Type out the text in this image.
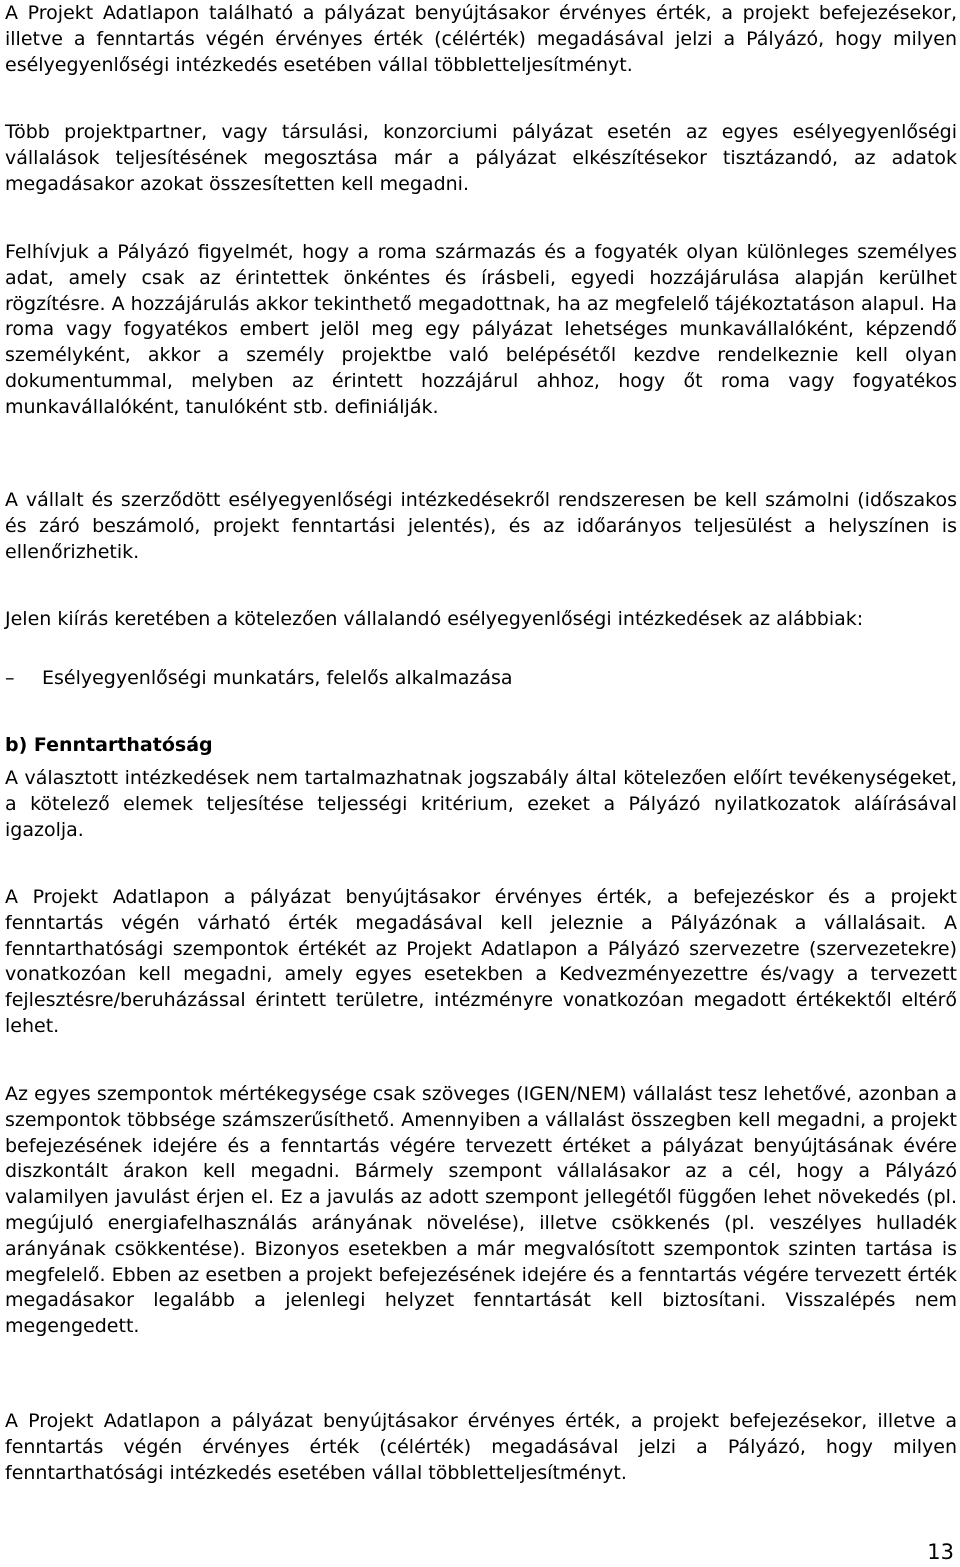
A Projekt Adatlapon található a pályázat benyújtásakor érvényes érték, a projekt befejezésekor, illetve a fenntartás végén érvényes érték (célérték) megadásával jelzi a Pályázó, hogy milyen esélyegyenlőségi intézkedés esetében vállal többletteljesítményt.

Több projektpartner, vagy társulási, konzorciumi pályázat esetén az egyes esélyegyenlőségi vállalások teljesítésének megosztása már a pályázat elkészítésekor tisztázandó, az adatok megadásakor azokat összesítetten kell megadni.

Felhívjuk a Pályázó figyelmét, hogy a roma származás és a fogyaték olyan különleges személyes adat, amely csak az érintettek önkéntes és írásbeli, egyedi hozzájárulása alapján kerülhet rögzítésre. A hozzájárulás akkor tekinthető megadottnak, ha az megfelelő tájékoztatáson alapul. Ha roma vagy fogyatékos embert jelöl meg egy pályázat lehetséges munkavállalóként, képzendő személyként, akkor a személy projektbe való belépésétől kezdve rendelkeznie kell olyan dokumentummal, melyben az érintett hozzájárul ahhoz, hogy őt roma vagy fogyatékos munkavállalóként, tanulóként stb. definiálják.

A vállalt és szerződött esélyegyenlőségi intézkedésekről rendszeresen be kell számolni (időszakos és záró beszámoló, projekt fenntartási jelentés), és az időarányos teljesülést a helyszínen is ellenőrizhetik.

Jelen kiírás keretében a kötelezően vállalandó esélyegyenlőségi intézkedések az alábbiak:

–	Esélyegyenlőségi munkatárs, felelős alkalmazása
b) Fenntarthatóság

A választott intézkedések nem tartalmazhatnak jogszabály által kötelezően előírt tevékenységeket, a kötelező elemek teljesítése teljességi kritérium, ezeket a Pályázó nyilatkozatok aláírásával igazolja.

A Projekt Adatlapon a pályázat benyújtásakor érvényes érték, a befejezéskor és a projekt fenntartás végén várható érték megadásával kell jeleznie a Pályázónak a vállalásait. A fenntarthatósági szempontok értékét az Projekt Adatlapon a Pályázó szervezetre (szervezetekre) vonatkozóan kell megadni, amely egyes esetekben a Kedvezményezettre és/vagy a tervezett fejlesztésre/beruházással érintett területre, intézményre vonatkozóan megadott értékektől eltérő lehet.

Az egyes szempontok mértékegysége csak szöveges (IGEN/NEM) vállalást tesz lehetővé, azonban a szempontok többsége számszerűsíthető. Amennyiben a vállalást összegben kell megadni, a projekt befejezésének idejére és a fenntartás végére tervezett értéket a pályázat benyújtásának évére diszkontált árakon kell megadni. Bármely szempont vállalásakor az a cél, hogy a Pályázó valamilyen javulást érjen el. Ez a javulás az adott szempont jellegétől függően lehet növekedés (pl. megújuló energiafelhasználás arányának növelése), illetve csökkenés (pl. veszélyes hulladék arányának csökkentése). Bizonyos esetekben a már megvalósított szempontok szinten tartása is megfelelő. Ebben az esetben a projekt befejezésének idejére és a fenntartás végére tervezett érték megadásakor legalább a jelenlegi helyzet fenntartását kell biztosítani. Visszalépés nem megengedett.

A Projekt Adatlapon a pályázat benyújtásakor érvényes érték, a projekt befejezésekor, illetve a fenntartás végén érvényes érték (célérték) megadásával jelzi a Pályázó, hogy milyen fenntarthatósági intézkedés esetében vállal többletteljesítményt.

13
